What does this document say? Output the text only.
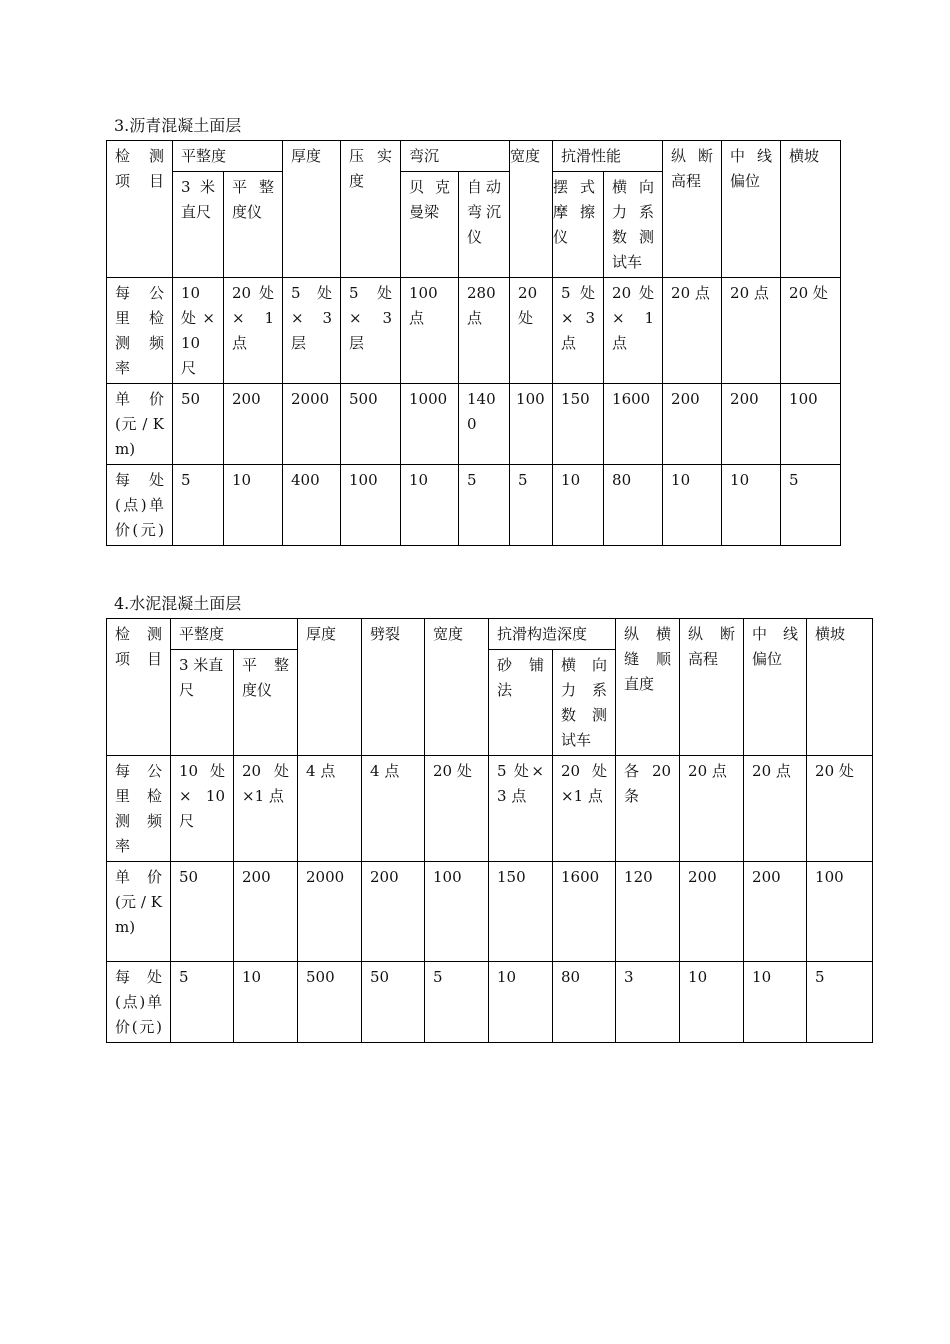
3.沥青混凝土面层
检 测 项 目	平整度		厚度	压 实 度	弯沉		宽度	抗滑性能		纵 断 高程	中 线 偏位	横坡
	3 米 直尺	平整 度仪			贝 克 曼梁	自动 弯沉 仪		摆 式 摩 擦 仪	横 向 力 系 数 测 试车			
每 公 里 检 测 频 率	10 处×10 尺	20 处 × 1 点	5 处 × 3 层	5 处 × 3 层	100 点	280 点	20 处	5 处 × 3 点	20 处 × 1 点	20 点	20 点	20 处
单 价 (元 / Km)	50	200	2000	500	1000	1400	100	150	1600	200	200	100
每 处 (点)单价(元)	5	10	400	100	10	5	5	10	80	10	10	5
4.水泥混凝土面层
检 测 项 目	平整度		厚度	劈裂	宽度	抗滑构造深度		纵 横 缝 顺 直度	纵 断 高程	中 线 偏位	横坡
	3 米直 尺	平整 度仪				砂 铺 法	横 向 力 系 数 测 试车				
每 公 里 检 测 频 率	10 处 × 10 尺	20 处 ×1 点	4 点	4 点	20 处	5 处× 3 点	20 处 ×1 点	各 20 条	20 点	20 点	20 处
单 价 (元 / Km)	50	200	2000	200	100	150	1600	120	200	200	100
每 处 (点)单价(元)	5	10	500	50	5	10	80	3	10	10	5
